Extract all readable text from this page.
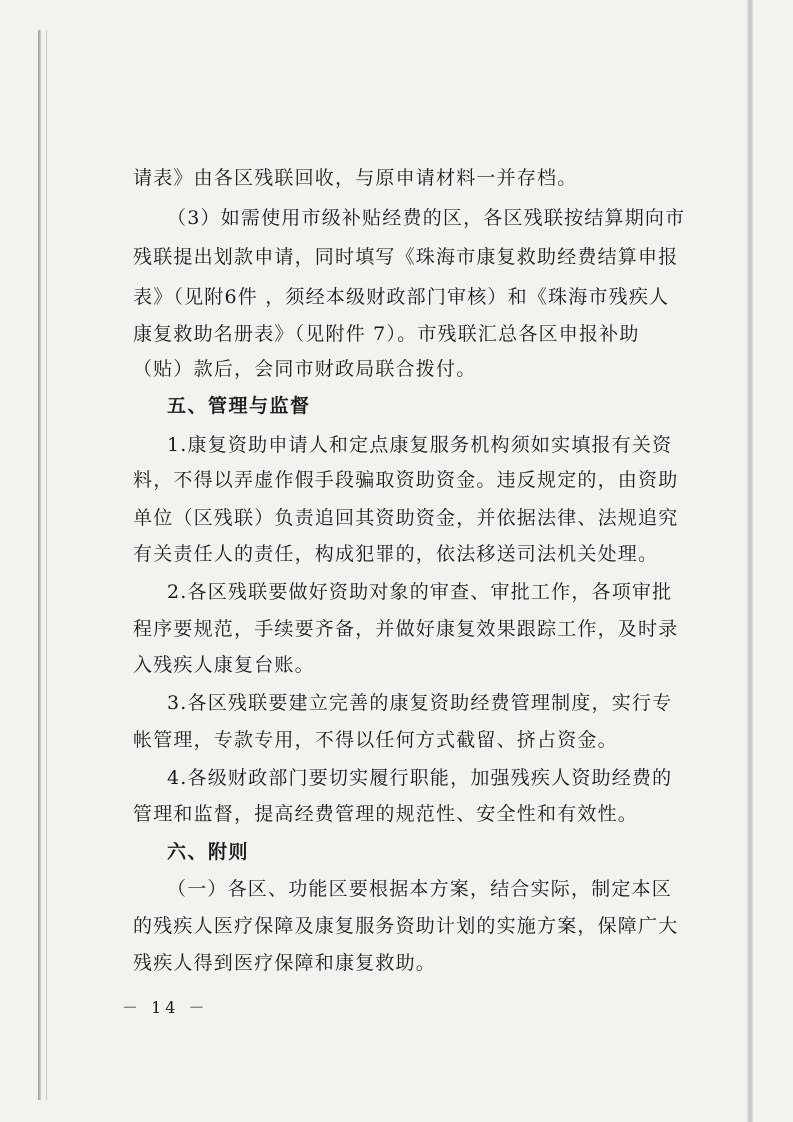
请表》由各区残联回收，与原申请材料一并存档。
（3）如需使用市级补贴经费的区，各区残联按结算期向市
残联提出划款申请，同时填写《珠海市康复救助经费结算申报
表》（见附6件 ，须经本级财政部门审核）和《珠海市残疾人
康复救助名册表》（见附件 7）。市残联汇总各区申报补助
（贴）款后，会同市财政局联合拨付。
五、管理与监督
1.康复资助申请人和定点康复服务机构须如实填报有关资
料，不得以弄虚作假手段骗取资助资金。违反规定的，由资助
单位（区残联）负责追回其资助资金，并依据法律、法规追究
有关责任人的责任，构成犯罪的，依法移送司法机关处理。
2.各区残联要做好资助对象的审查、审批工作，各项审批
程序要规范，手续要齐备，并做好康复效果跟踪工作，及时录
入残疾人康复台账。
3.各区残联要建立完善的康复资助经费管理制度，实行专
帐管理，专款专用，不得以任何方式截留、挤占资金。
4.各级财政部门要切实履行职能，加强残疾人资助经费的
管理和监督，提高经费管理的规范性、安全性和有效性。
六、附则
（一）各区、功能区要根据本方案，结合实际，制定本区
的残疾人医疗保障及康复服务资助计划的实施方案，保障广大
残疾人得到医疗保障和康复救助。
－ 14 －
